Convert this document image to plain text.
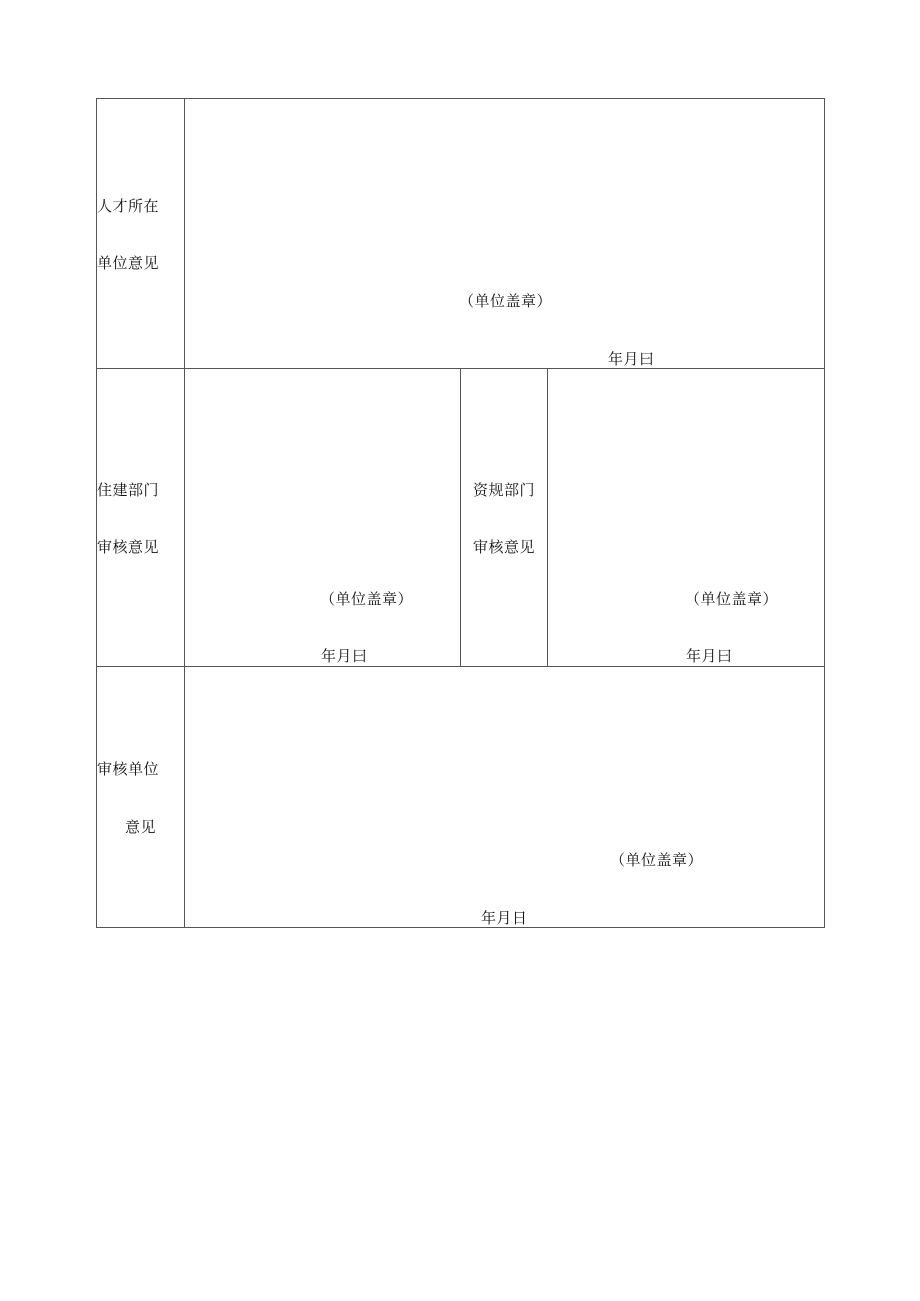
人才所在
单位意见
（单位盖章）
年月曰
住建部门
审核意见
（单位盖章）
年月曰
资规部门
审核意见
（单位盖章）
年月曰
审核单位
意见
（单位盖章）
年月日
